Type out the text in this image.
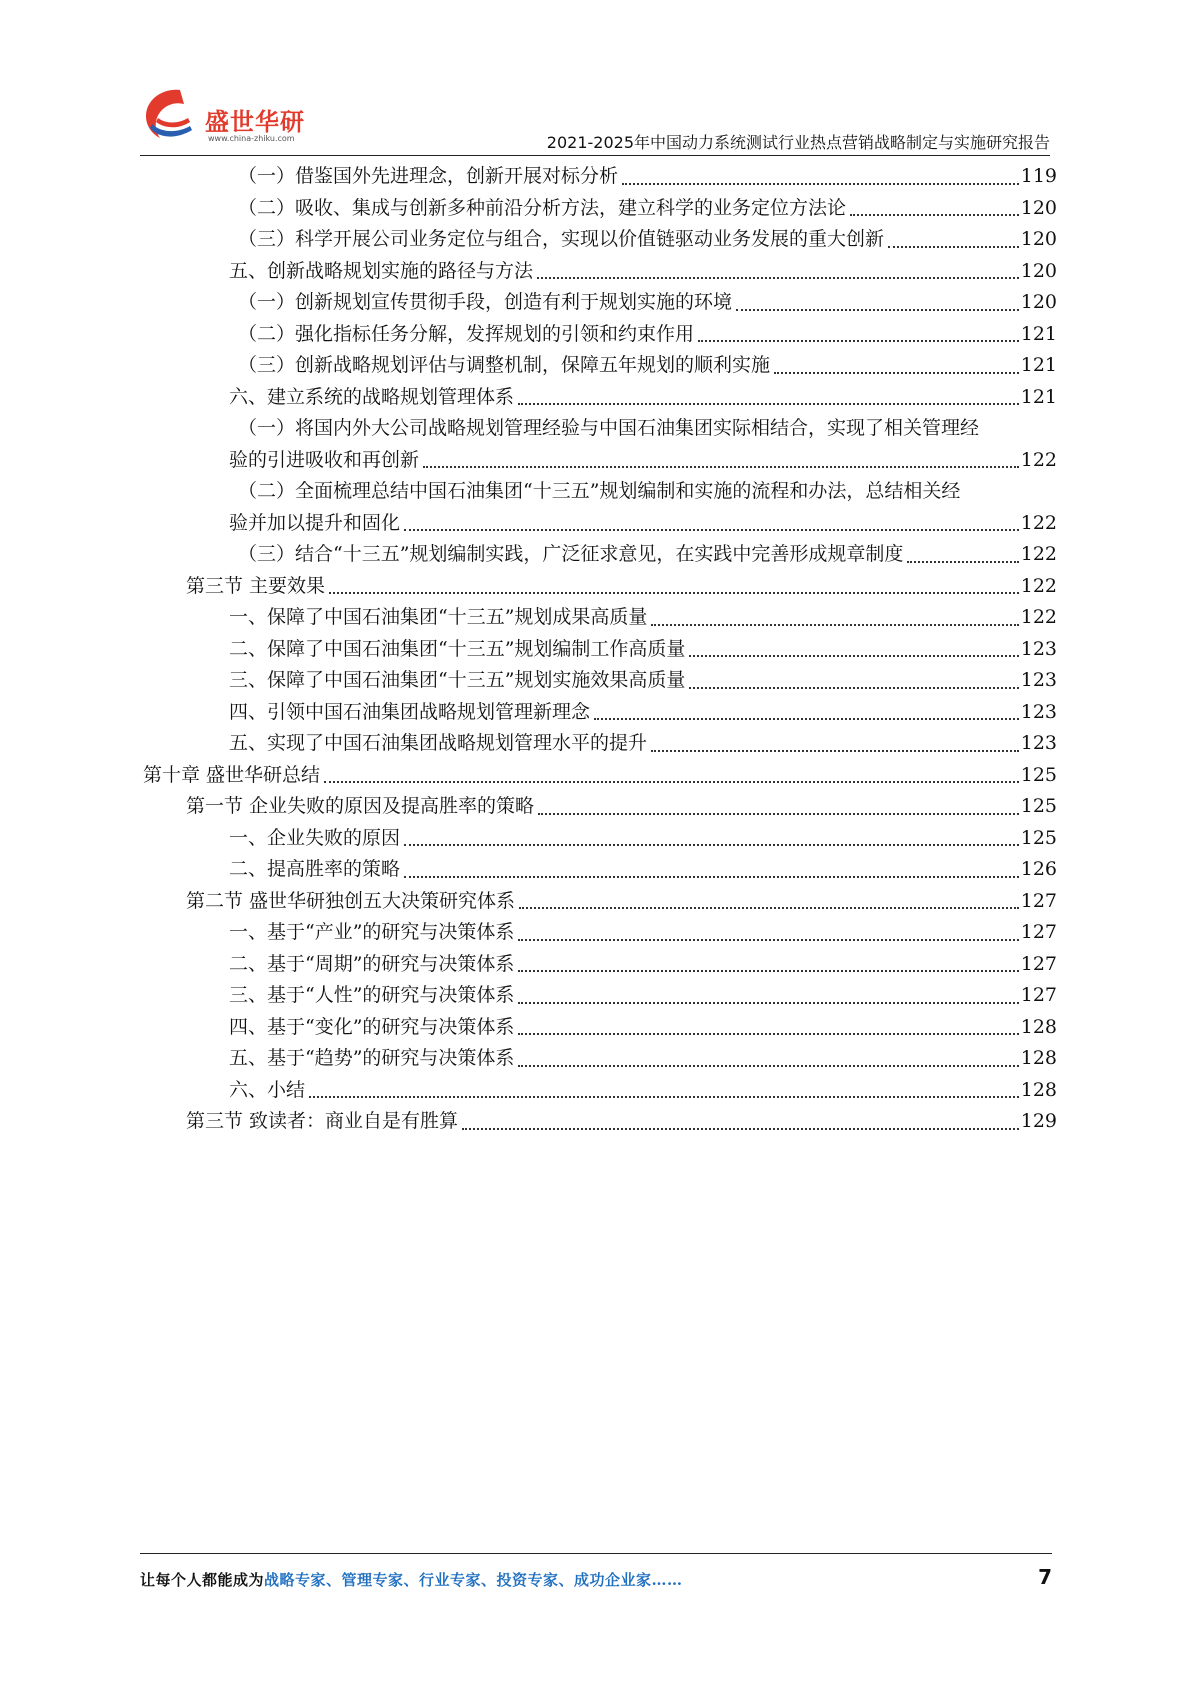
盛世华研
www.china-zhiku.com	2021-2025年中国动力系统测试行业热点营销战略制定与实施研究报告
（一）借鉴国外先进理念，创新开展对标分析	119
（二）吸收、集成与创新多种前沿分析方法，建立科学的业务定位方法论	120
（三）科学开展公司业务定位与组合，实现以价值链驱动业务发展的重大创新	120
五、创新战略规划实施的路径与方法	120
（一）创新规划宣传贯彻手段，创造有利于规划实施的环境	120
（二）强化指标任务分解，发挥规划的引领和约束作用	121
（三）创新战略规划评估与调整机制，保障五年规划的顺利实施	121
六、建立系统的战略规划管理体系	121
（一）将国内外大公司战略规划管理经验与中国石油集团实际相结合，实现了相关管理经
验的引进吸收和再创新	122
（二）全面梳理总结中国石油集团“十三五”规划编制和实施的流程和办法，总结相关经
验并加以提升和固化	122
（三）结合“十三五”规划编制实践，广泛征求意见，在实践中完善形成规章制度	122
第三节 主要效果	122
一、保障了中国石油集团“十三五”规划成果高质量	122
二、保障了中国石油集团“十三五”规划编制工作高质量	123
三、保障了中国石油集团“十三五”规划实施效果高质量	123
四、引领中国石油集团战略规划管理新理念	123
五、实现了中国石油集团战略规划管理水平的提升	123
第十章 盛世华研总结	125
第一节 企业失败的原因及提高胜率的策略	125
一、企业失败的原因	125
二、提高胜率的策略	126
第二节 盛世华研独创五大决策研究体系	127
一、基于“产业”的研究与决策体系	127
二、基于“周期”的研究与决策体系	127
三、基于“人性”的研究与决策体系	127
四、基于“变化”的研究与决策体系	128
五、基于“趋势”的研究与决策体系	128
六、小结	128
第三节 致读者：商业自是有胜算	129
让每个人都能成为战略专家、管理专家、行业专家、投资专家、成功企业家……	7
